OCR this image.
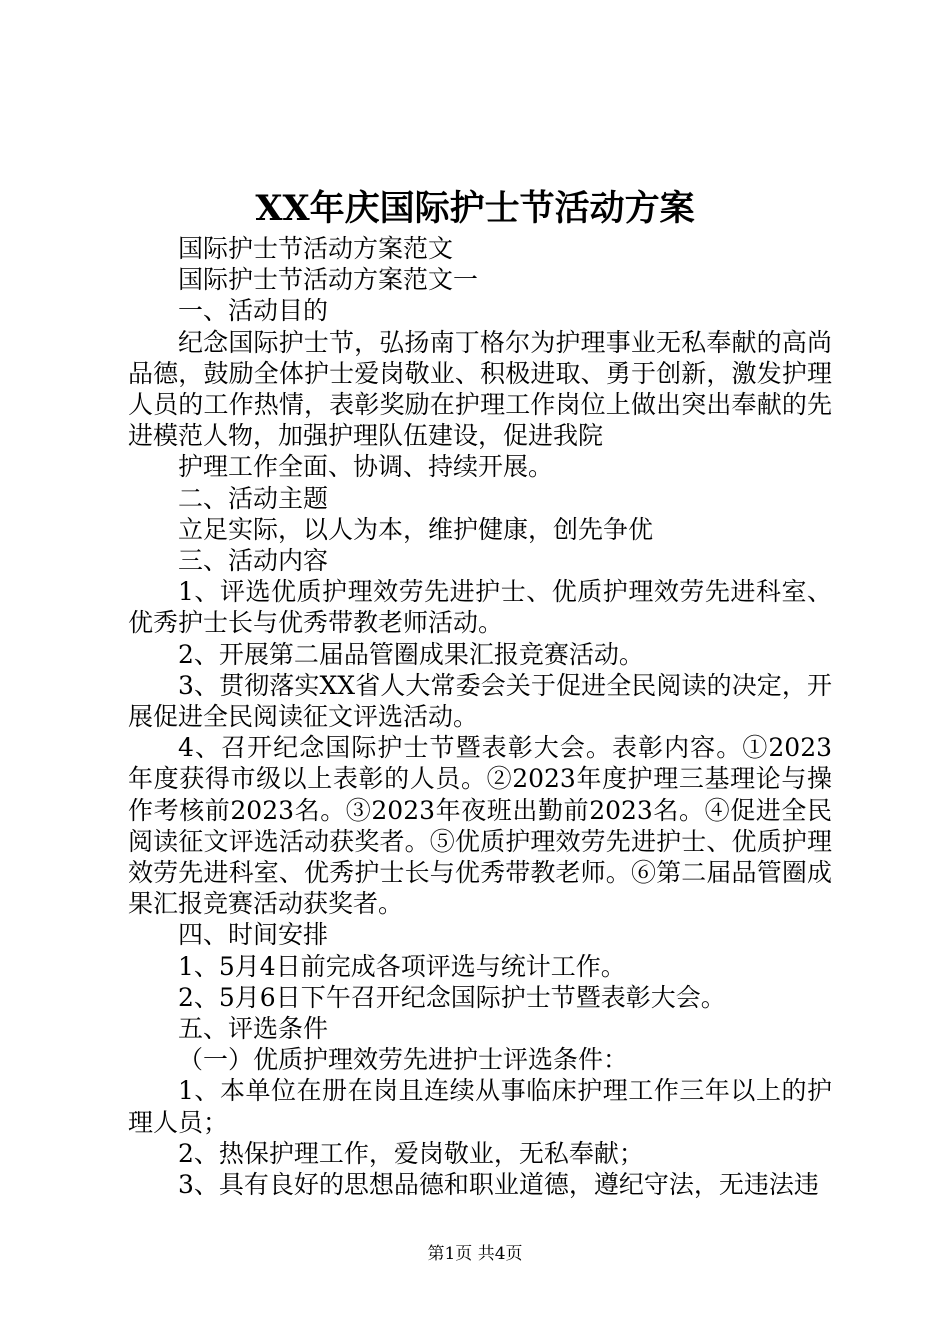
XX年庆国际护士节活动方案

国际护士节活动方案范文

国际护士节活动方案范文一

一、活动目的

纪念国际护士节，弘扬南丁格尔为护理事业无私奉献的高尚品德，鼓励全体护士爱岗敬业、积极进取、勇于创新，激发护理人员的工作热情，表彰奖励在护理工作岗位上做出突出奉献的先进模范人物，加强护理队伍建设，促进我院

护理工作全面、协调、持续开展。

二、活动主题

立足实际，以人为本，维护健康，创先争优

三、活动内容

1、评选优质护理效劳先进护士、优质护理效劳先进科室、优秀护士长与优秀带教老师活动。

2、开展第二届品管圈成果汇报竞赛活动。

3、贯彻落实XX省人大常委会关于促进全民阅读的决定，开展促进全民阅读征文评选活动。

4、召开纪念国际护士节暨表彰大会。表彰内容。①2023年度获得市级以上表彰的人员。②2023年度护理三基理论与操作考核前2023名。③2023年夜班出勤前2023名。④促进全民阅读征文评选活动获奖者。⑤优质护理效劳先进护士、优质护理效劳先进科室、优秀护士长与优秀带教老师。⑥第二届品管圈成果汇报竞赛活动获奖者。

四、时间安排

1、5月4日前完成各项评选与统计工作。

2、5月6日下午召开纪念国际护士节暨表彰大会。

五、评选条件

（一）优质护理效劳先进护士评选条件：

1、本单位在册在岗且连续从事临床护理工作三年以上的护理人员；

2、热保护理工作，爱岗敬业，无私奉献；

3、具有良好的思想品德和职业道德，遵纪守法，无违法违

第1页 共4页
